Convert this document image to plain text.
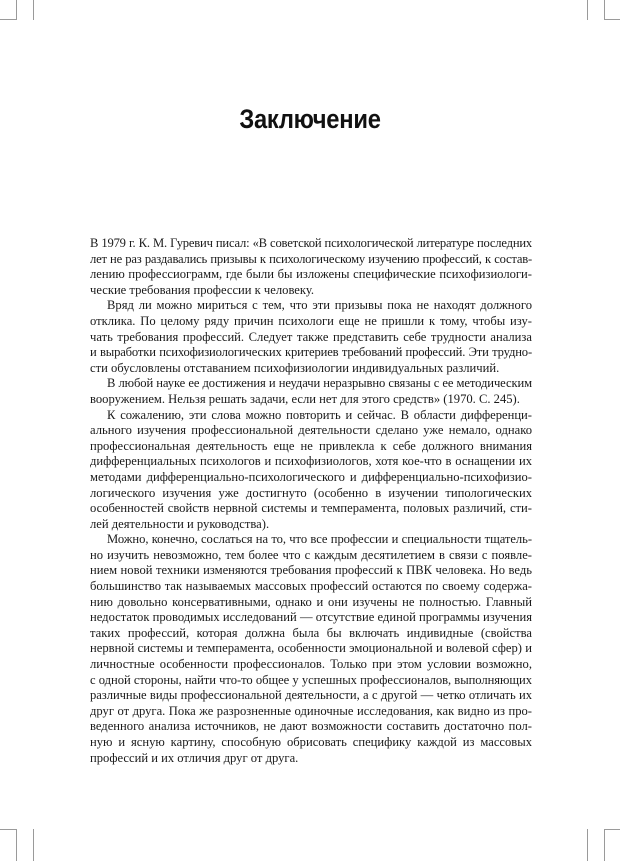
Заключение
В 1979 г. К. М. Гуревич писал: «В советской психологической литературе последних
лет не раз раздавались призывы к психологическому изучению профессий, к состав-
лению профессиограмм, где были бы изложены специфические психофизиологи-
ческие требования профессии к человеку.
Вряд ли можно мириться с тем, что эти призывы пока не находят должного
отклика. По целому ряду причин психологи еще не пришли к тому, чтобы изу-
чать требования профессий. Следует также представить себе трудности анализа
и выработки психофизиологических критериев требований профессий. Эти трудно-
сти обусловлены отставанием психофизиологии индивидуальных различий.
В любой науке ее достижения и неудачи неразрывно связаны с ее методическим
вооружением. Нельзя решать задачи, если нет для этого средств» (1970. С. 245).
К сожалению, эти слова можно повторить и сейчас. В области дифференци-
ального изучения профессиональной деятельности сделано уже немало, однако
профессиональная деятельность еще не привлекла к себе должного внимания
дифференциальных психологов и психофизиологов, хотя кое-что в оснащении их
методами дифференциально-психологического и дифференциально-психофизио-
логического изучения уже достигнуто (особенно в изучении типологических
особенностей свойств нервной системы и темперамента, половых различий, сти-
лей деятельности и руководства).
Можно, конечно, сослаться на то, что все профессии и специальности тщатель-
но изучить невозможно, тем более что с каждым десятилетием в связи с появле-
нием новой техники изменяются требования профессий к ПВК человека. Но ведь
большинство так называемых массовых профессий остаются по своему содержа-
нию довольно консервативными, однако и они изучены не полностью. Главный
недостаток проводимых исследований — отсутствие единой программы изучения
таких профессий, которая должна была бы включать индивидные (свойства
нервной системы и темперамента, особенности эмоциональной и волевой сфер) и
личностные особенности профессионалов. Только при этом условии возможно,
с одной стороны, найти что-то общее у успешных профессионалов, выполняющих
различные виды профессиональной деятельности, а с другой — четко отличать их
друг от друга. Пока же разрозненные одиночные исследования, как видно из про-
веденного анализа источников, не дают возможности составить достаточно пол-
ную и ясную картину, способную обрисовать специфику каждой из массовых
профессий и их отличия друг от друга.
